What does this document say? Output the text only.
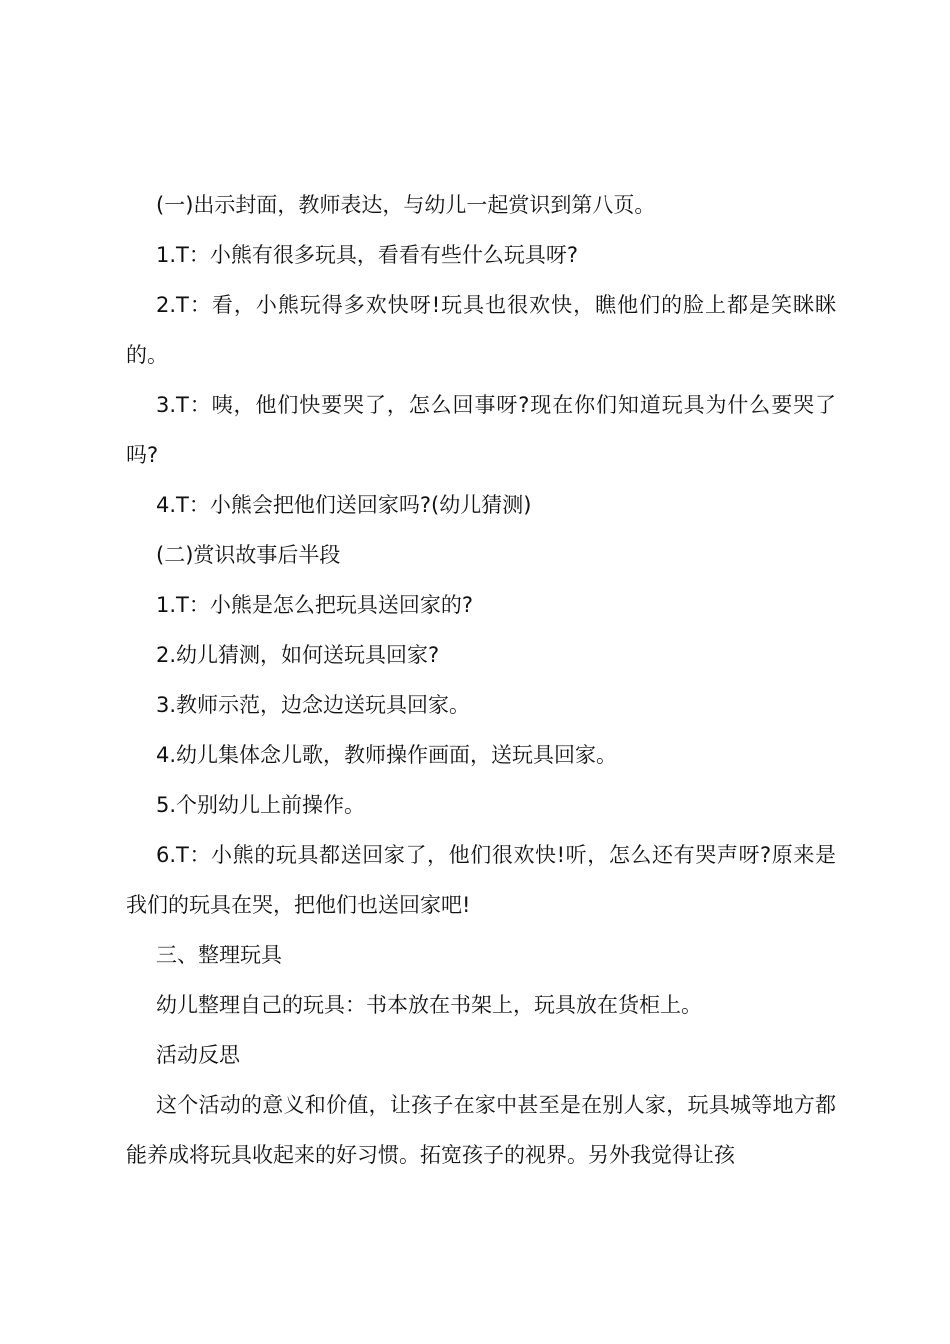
(一)出示封面，教师表达，与幼儿一起赏识到第八页。

1.T：小熊有很多玩具，看看有些什么玩具呀?

2.T：看，小熊玩得多欢快呀!玩具也很欢快，瞧他们的脸上都是笑眯眯的。

3.T：咦，他们快要哭了，怎么回事呀?现在你们知道玩具为什么要哭了吗?

4.T：小熊会把他们送回家吗?(幼儿猜测)

(二)赏识故事后半段

1.T：小熊是怎么把玩具送回家的?

2.幼儿猜测，如何送玩具回家?

3.教师示范，边念边送玩具回家。

4.幼儿集体念儿歌，教师操作画面，送玩具回家。

5.个别幼儿上前操作。

6.T：小熊的玩具都送回家了，他们很欢快!听，怎么还有哭声呀?原来是我们的玩具在哭，把他们也送回家吧!

三、整理玩具

幼儿整理自己的玩具：书本放在书架上，玩具放在货柜上。

活动反思

这个活动的意义和价值，让孩子在家中甚至是在别人家，玩具城等地方都能养成将玩具收起来的好习惯。拓宽孩子的视界。另外我觉得让孩
